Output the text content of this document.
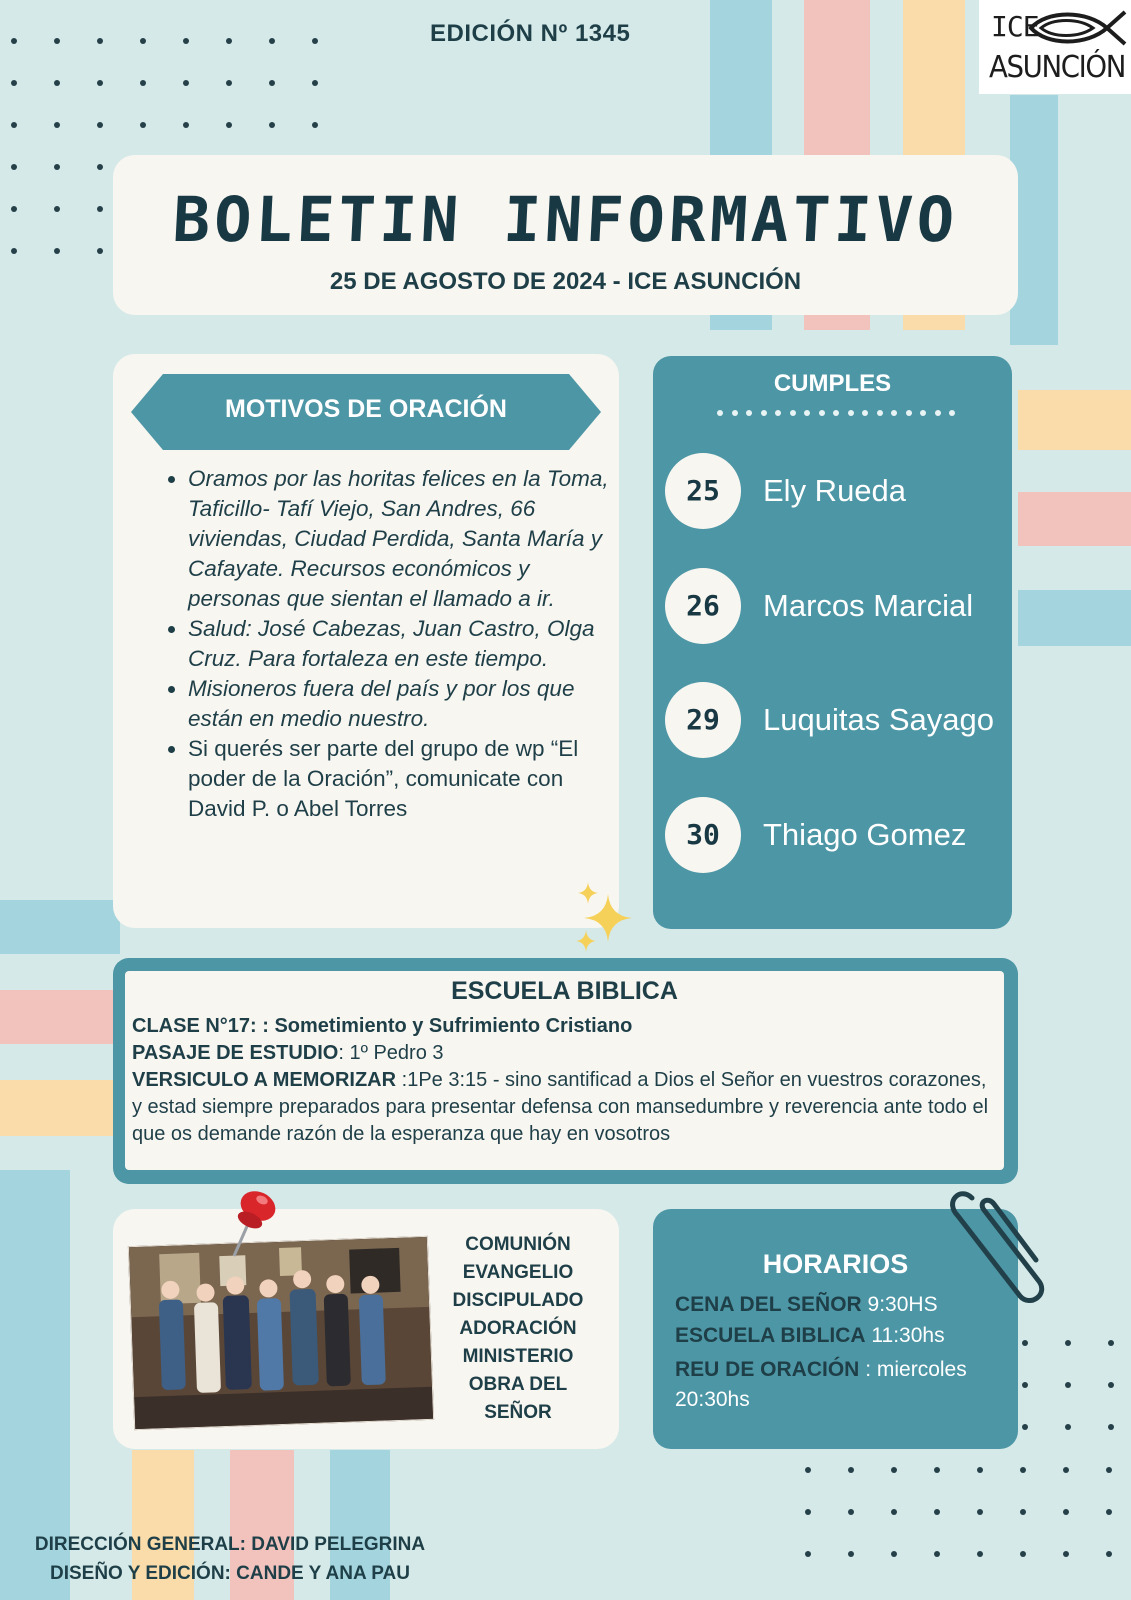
EDICIÓN Nº 1345	ICE
ASUNCIÓN
BOLETIN INFORMATIVO
25 DE AGOSTO DE 2024 - ICE ASUNCIÓN
MOTIVOS DE ORACIÓN
• Oramos por las horitas felices en la Toma, Taficillo- Tafí Viejo, San Andres, 66 viviendas, Ciudad Perdida, Santa María y Cafayate. Recursos económicos y personas que sientan el llamado a ir.
• Salud: José Cabezas, Juan Castro, Olga Cruz. Para fortaleza en este tiempo.
• Misioneros fuera del país y por los que están en medio nuestro.
• Si querés ser parte del grupo de wp “El poder de la Oración”, comunicate con David P. o Abel Torres
CUMPLES
25	Ely Rueda
26	Marcos Marcial
29	Luquitas Sayago
30	Thiago Gomez
ESCUELA BIBLICA
CLASE N°17: : Sometimiento y Sufrimiento Cristiano
PASAJE DE ESTUDIO: 1º Pedro 3
VERSICULO A MEMORIZAR :1Pe 3:15 - sino santificad a Dios el Señor en vuestros corazones, y estad siempre preparados para presentar defensa con mansedumbre y reverencia ante todo el que os demande razón de la esperanza que hay en vosotros
COMUNIÓN
EVANGELIO
DISCIPULADO
ADORACIÓN
MINISTERIO
OBRA DEL SEÑOR
HORARIOS
CENA DEL SEÑOR 9:30HS
ESCUELA BIBLICA 11:30hs
REU DE ORACIÓN : miercoles 20:30hs
DIRECCIÓN GENERAL: DAVID PELEGRINA
DISEÑO Y EDICIÓN: CANDE Y ANA PAU
